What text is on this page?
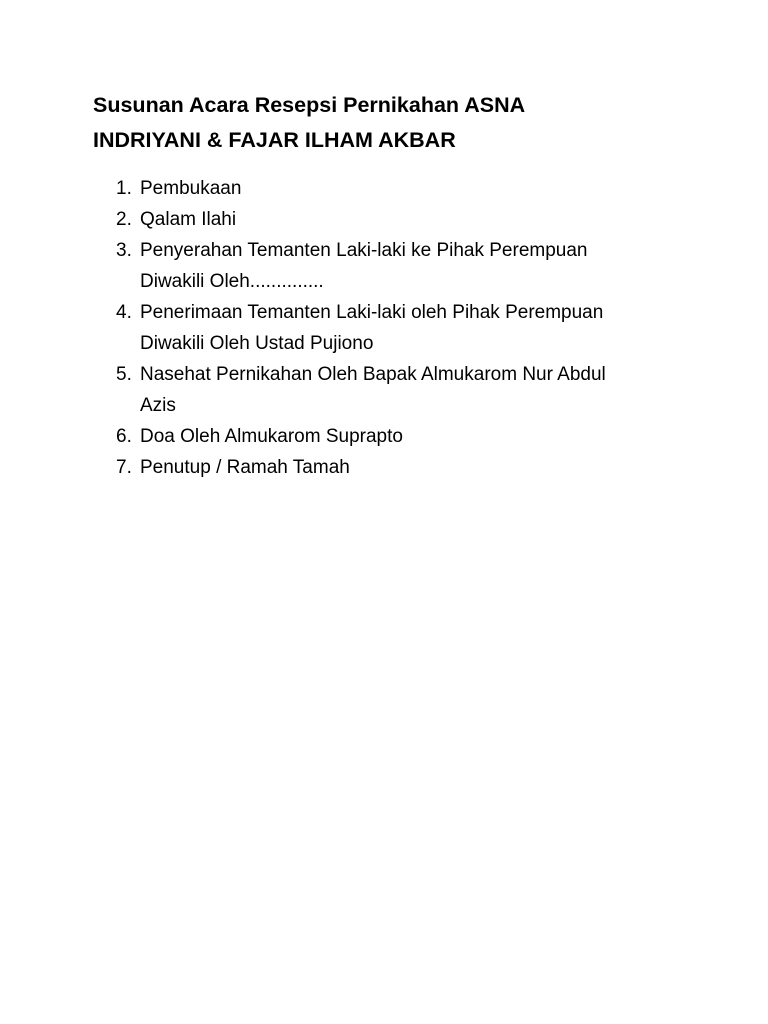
Susunan Acara Resepsi Pernikahan ASNA
INDRIYANI & FAJAR ILHAM AKBAR
1. Pembukaan
2. Qalam Ilahi
3. Penyerahan Temanten Laki-laki ke Pihak Perempuan
Diwakili Oleh..............
4. Penerimaan Temanten Laki-laki oleh Pihak Perempuan
Diwakili Oleh Ustad Pujiono
5. Nasehat Pernikahan Oleh Bapak Almukarom Nur Abdul
Azis
6. Doa Oleh Almukarom Suprapto
7. Penutup / Ramah Tamah
